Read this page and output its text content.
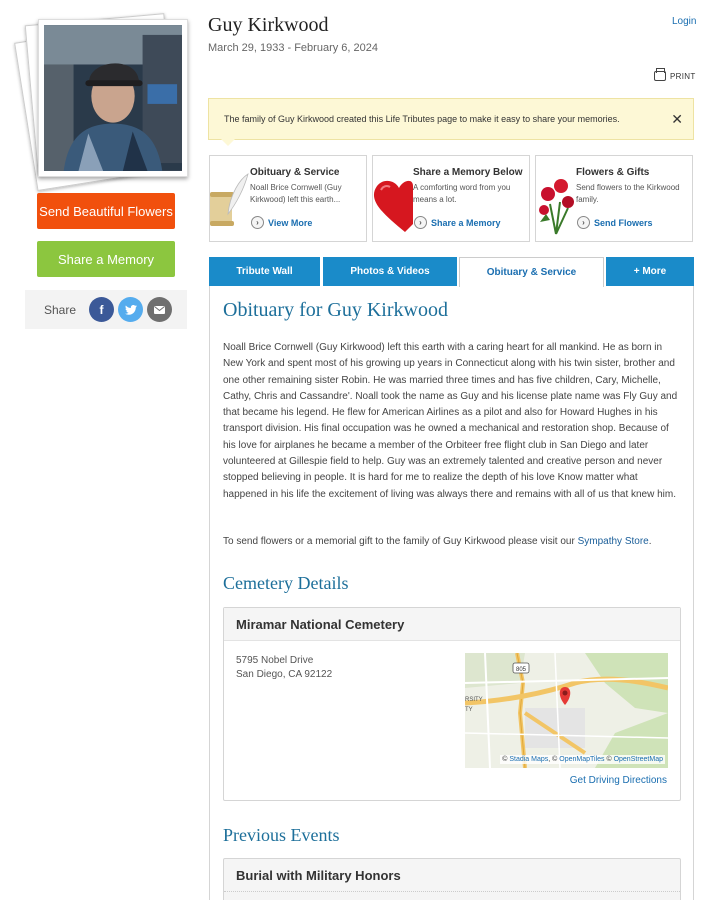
Send Beautiful Flowers
Share a Memory
Share	f
Guy Kirkwood
March 29, 1933 - February 6, 2024
Login
PRINT
The family of Guy Kirkwood created this Life Tributes page to make it easy to share your memories.	✕
Obituary & Service
Noall Brice Cornwell (Guy Kirkwood) left this earth...
›	View More
Share a Memory Below
A comforting word from you means a lot.
›	Share a Memory
Flowers & Gifts
Send flowers to the Kirkwood family.
›	Send Flowers
Tribute Wall	Photos & Videos	Obituary & Service	+ More
Obituary for Guy Kirkwood
Noall Brice Cornwell (Guy Kirkwood) left this earth with a caring heart for all mankind. He as born in New York and spent most of his growing up years in Connecticut along with his twin sister, brother and one other remaining sister Robin. He was married three times and has five children, Cary, Michelle, Cathy, Chris and Cassandre'. Noall took the name as Guy and his license plate name was Fly Guy and that became his legend. He flew for American Airlines as a pilot and also for Howard Hughes in his transport division. His final occupation was he owned a mechanical and restoration shop. Because of his love for airplanes he became a member of the Orbiteer free flight club in San Diego and later volunteered at Gillespie field to help. Guy was an extremely talented and creative person and never stopped believing in people. It is hard for me to realize the depth of his love Know matter what happened in his life the excitement of living was always there and remains with all of us that knew him.
To send flowers or a memorial gift to the family of Guy Kirkwood please visit our Sympathy Store.
Cemetery Details
Miramar National Cemetery
5795 Nobel Drive
San Diego, CA 92122	805
RSITY
TY
© Stadia Maps, © OpenMapTiles © OpenStreetMap
Get Driving Directions
Previous Events
Burial with Military Honors
